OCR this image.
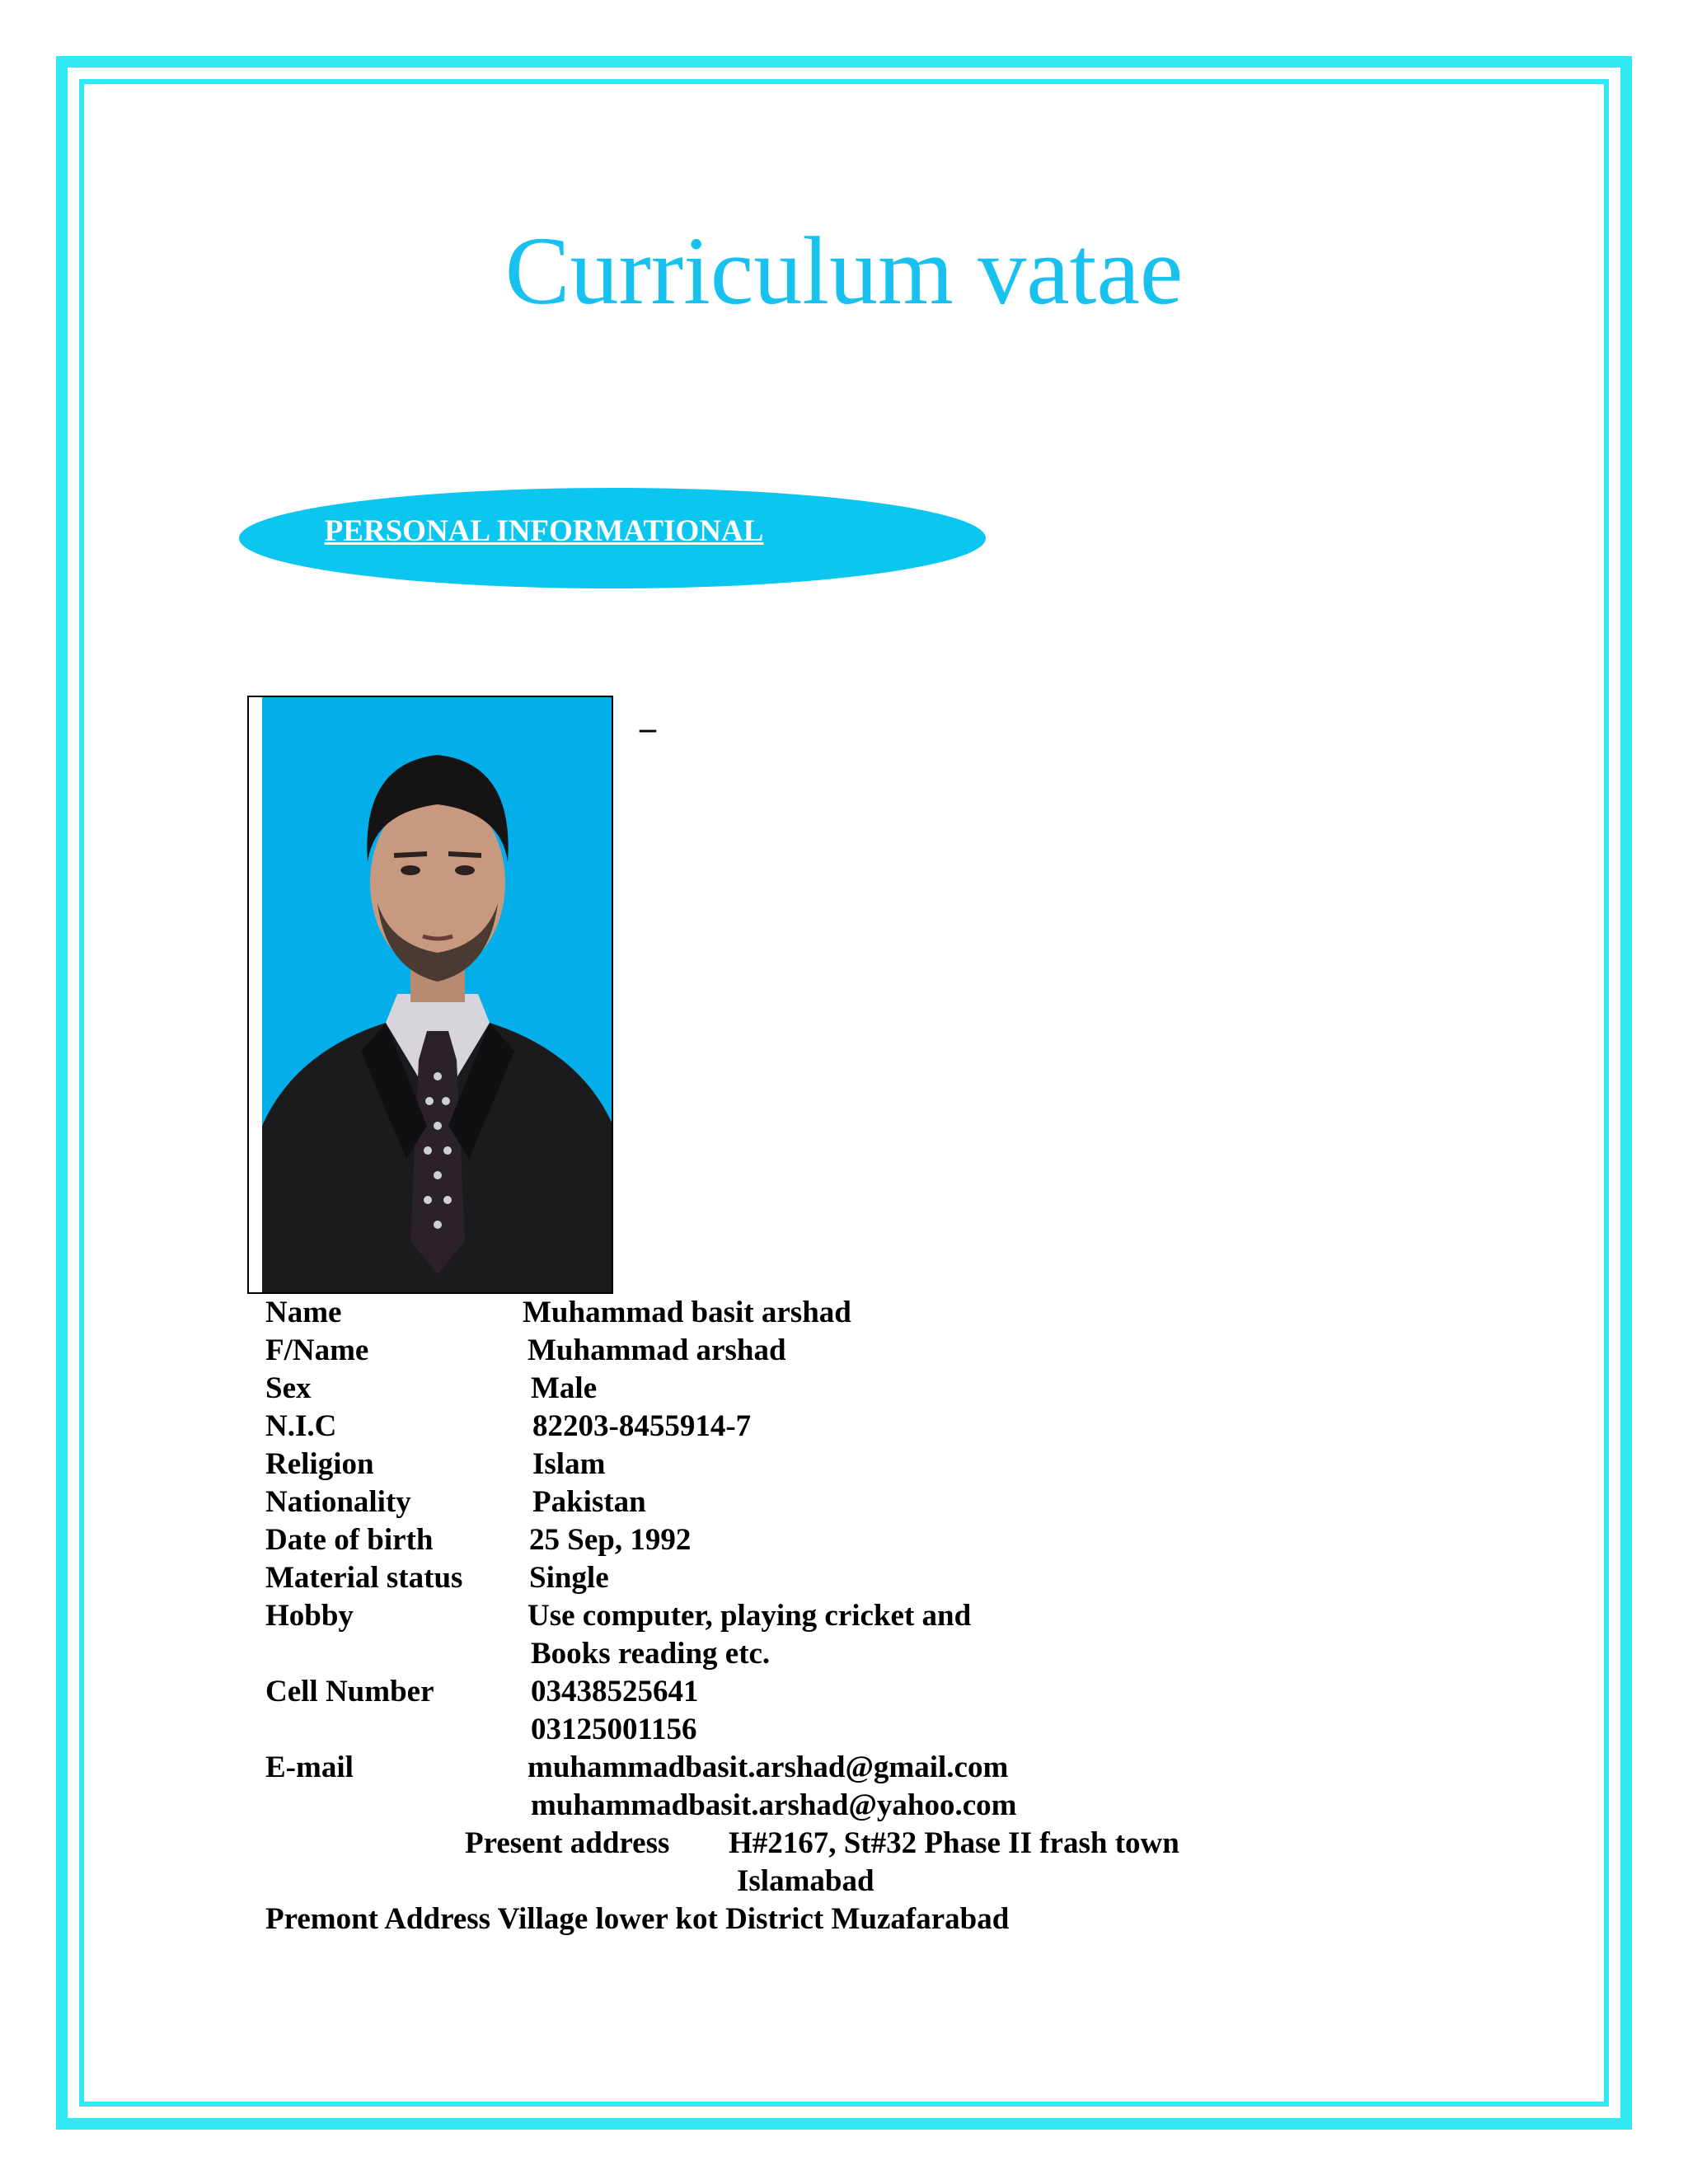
Curriculum vatae
PERSONAL INFORMATIONAL
_
Name	Muhammad basit arshad
F/Name	Muhammad arshad
Sex	Male
N.I.C	82203-8455914-7
Religion	Islam
Nationality	Pakistan
Date of birth	25 Sep, 1992
Material status Single
Hobby	Use computer, playing cricket and
Books reading etc.
Cell Number	03438525641
03125001156
E-mail	muhammadbasit.arshad@gmail.com
muhammadbasit.arshad@yahoo.com
Present address H#2167, St#32 Phase II frash town
Islamabad
Premont Address Village lower kot District Muzafarabad
